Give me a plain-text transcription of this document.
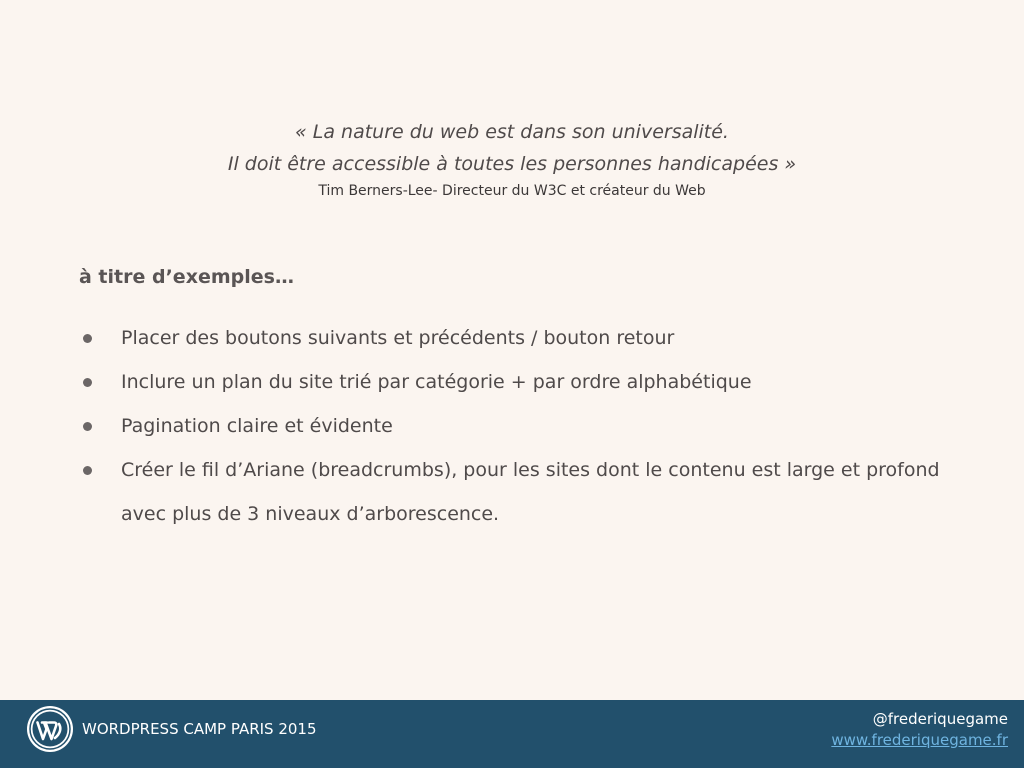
« La nature du web est dans son universalité.
Il doit être accessible à toutes les personnes handicapées »
Tim Berners-Lee- Directeur du W3C et créateur du Web
à titre d’exemples…
Placer des boutons suivants et précédents / bouton retour
Inclure un plan du site trié par catégorie + par ordre alphabétique
Pagination claire et évidente
Créer le fil d’Ariane (breadcrumbs), pour les sites dont le contenu est large et profond avec plus de 3 niveaux d’arborescence.
WORDPRESS CAMP PARIS 2015
@frederiquegame
www.frederiquegame.fr
